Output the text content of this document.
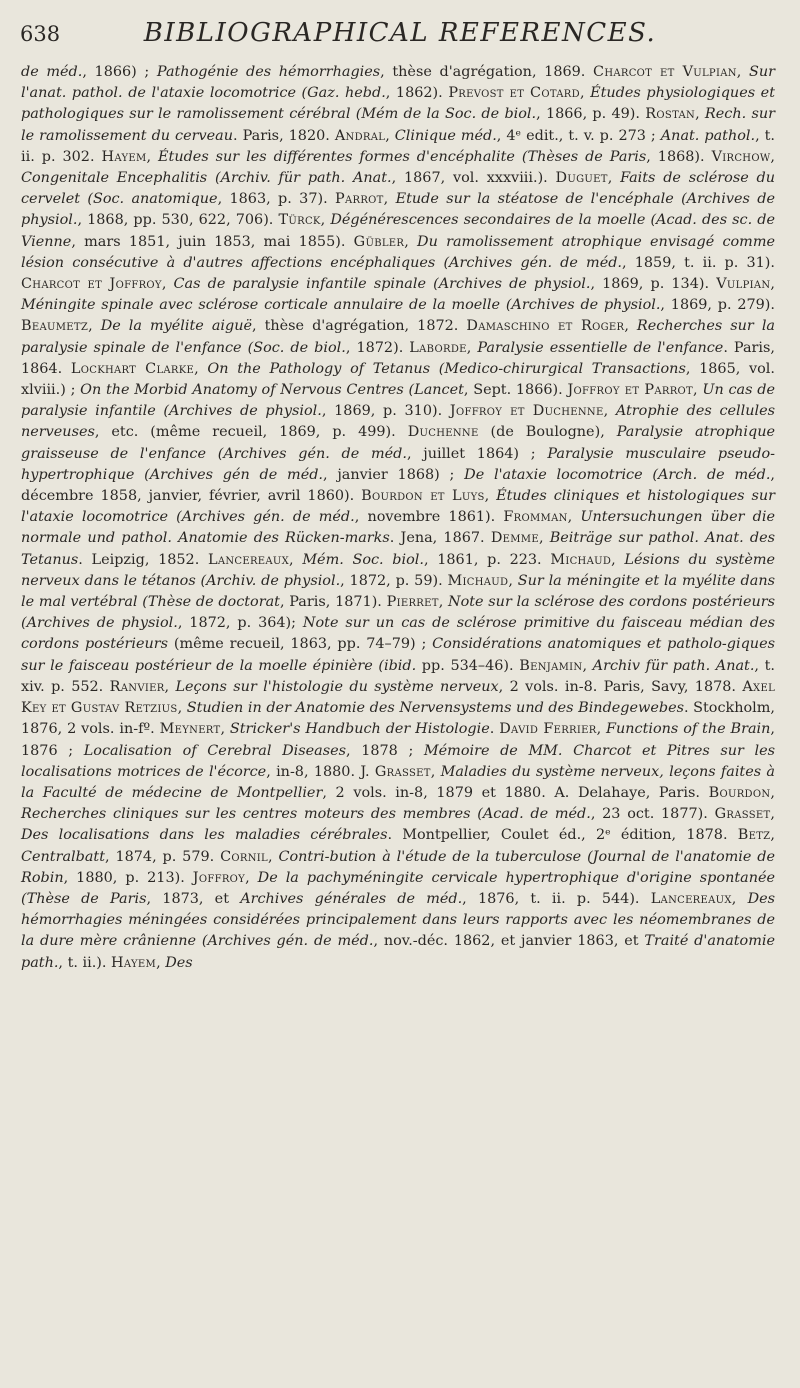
638	BIBLIOGRAPHICAL REFERENCES.

de méd., 1866) ; Pathogénie des hémorrhagies, thèse d'agrégation, 1869. Charcot et Vulpian, Sur l'anat. pathol. de l'ataxie locomotrice (Gaz. hebd., 1862). Prevost et Cotard, Études physiologiques et pathologiques sur le ramolissement cérébral (Mém de la Soc. de biol., 1866, p. 49). Rostan, Rech. sur le ramolissement du cerveau. Paris, 1820. Andral, Clinique méd., 4ᵉ edit., t. v. p. 273 ; Anat. pathol., t. ii. p. 302. Hayem, Études sur les différentes formes d'encéphalite (Thèses de Paris, 1868). Virchow, Congenitale Encephalitis (Archiv. für path. Anat., 1867, vol. xxxviii.). Duguet, Faits de sclérose du cervelet (Soc. anatomique, 1863, p. 37). Parrot, Etude sur la stéatose de l'encéphale (Archives de physiol., 1868, pp. 530, 622, 706). Türck, Dégénérescences secondaires de la moelle (Acad. des sc. de Vienne, mars 1851, juin 1853, mai 1855). Gübler, Du ramolissement atrophique envisagé comme lésion consécutive à d'autres affections encéphaliques (Archives gén. de méd., 1859, t. ii. p. 31). Charcot et Joffroy, Cas de paralysie infantile spinale (Archives de physiol., 1869, p. 134). Vulpian, Méningite spinale avec sclérose corticale annulaire de la moelle (Archives de physiol., 1869, p. 279). Beaumetz, De la myélite aiguë, thèse d'agrégation, 1872. Damaschino et Roger, Recherches sur la paralysie spinale de l'enfance (Soc. de biol., 1872). Laborde, Paralysie essentielle de l'enfance. Paris, 1864. Lockhart Clarke, On the Pathology of Tetanus (Medico-chirurgical Transactions, 1865, vol. xlviii.) ; On the Morbid Anatomy of Nervous Centres (Lancet, Sept. 1866). Joffroy et Parrot, Un cas de paralysie infantile (Archives de physiol., 1869, p. 310). Joffroy et Duchenne, Atrophie des cellules nerveuses, etc. (même recueil, 1869, p. 499). Duchenne (de Boulogne), Paralysie atrophique graisseuse de l'enfance (Archives gén. de méd., juillet 1864) ; Paralysie musculaire pseudo-hypertrophique (Archives gén de méd., janvier 1868) ; De l'ataxie locomotrice (Arch. de méd., décembre 1858, janvier, février, avril 1860). Bourdon et Luys, Études cliniques et histologiques sur l'ataxie locomotrice (Archives gén. de méd., novembre 1861). Fromman, Untersuchungen über die normale und pathol. Anatomie des Rücken-marks. Jena, 1867. Demme, Beiträge sur pathol. Anat. des Tetanus. Leipzig, 1852. Lancereaux, Mém. Soc. biol., 1861, p. 223. Michaud, Lésions du système nerveux dans le tétanos (Archiv. de physiol., 1872, p. 59). Michaud, Sur la méningite et la myélite dans le mal vertébral (Thèse de doctorat, Paris, 1871). Pierret, Note sur la sclérose des cordons postérieurs (Archives de physiol., 1872, p. 364); Note sur un cas de sclérose primitive du faisceau médian des cordons postérieurs (même recueil, 1863, pp. 74–79) ; Considérations anatomiques et patholo-giques sur le faisceau postérieur de la moelle épinière (ibid. pp. 534–46). Benjamin, Archiv für path. Anat., t. xiv. p. 552. Ranvier, Leçons sur l'histologie du système nerveux, 2 vols. in-8. Paris, Savy, 1878. Axel Key et Gustav Retzius, Studien in der Anatomie des Nervensystems und des Bindegewebes. Stockholm, 1876, 2 vols. in-fº. Meynert, Stricker's Handbuch der Histologie. David Ferrier, Functions of the Brain, 1876 ; Localisation of Cerebral Diseases, 1878 ; Mémoire de MM. Charcot et Pitres sur les localisations motrices de l'écorce, in-8, 1880. J. Grasset, Maladies du système nerveux, leçons faites à la Faculté de médecine de Montpellier, 2 vols. in-8, 1879 et 1880. A. Delahaye, Paris. Bourdon, Recherches cliniques sur les centres moteurs des membres (Acad. de méd., 23 oct. 1877). Grasset, Des localisations dans les maladies cérébrales. Montpellier, Coulet éd., 2ᵉ édition, 1878. Betz, Centralbatt, 1874, p. 579. Cornil, Contri-bution à l'étude de la tuberculose (Journal de l'anatomie de Robin, 1880, p. 213). Joffroy, De la pachyméningite cervicale hypertrophique d'origine spontanée (Thèse de Paris, 1873, et Archives générales de méd., 1876, t. ii. p. 544). Lancereaux, Des hémorrhagies méningées considérées principalement dans leurs rapports avec les néomembranes de la dure mère crânienne (Archives gén. de méd., nov.-déc. 1862, et janvier 1863, et Traité d'anatomie path., t. ii.). Hayem, Des
